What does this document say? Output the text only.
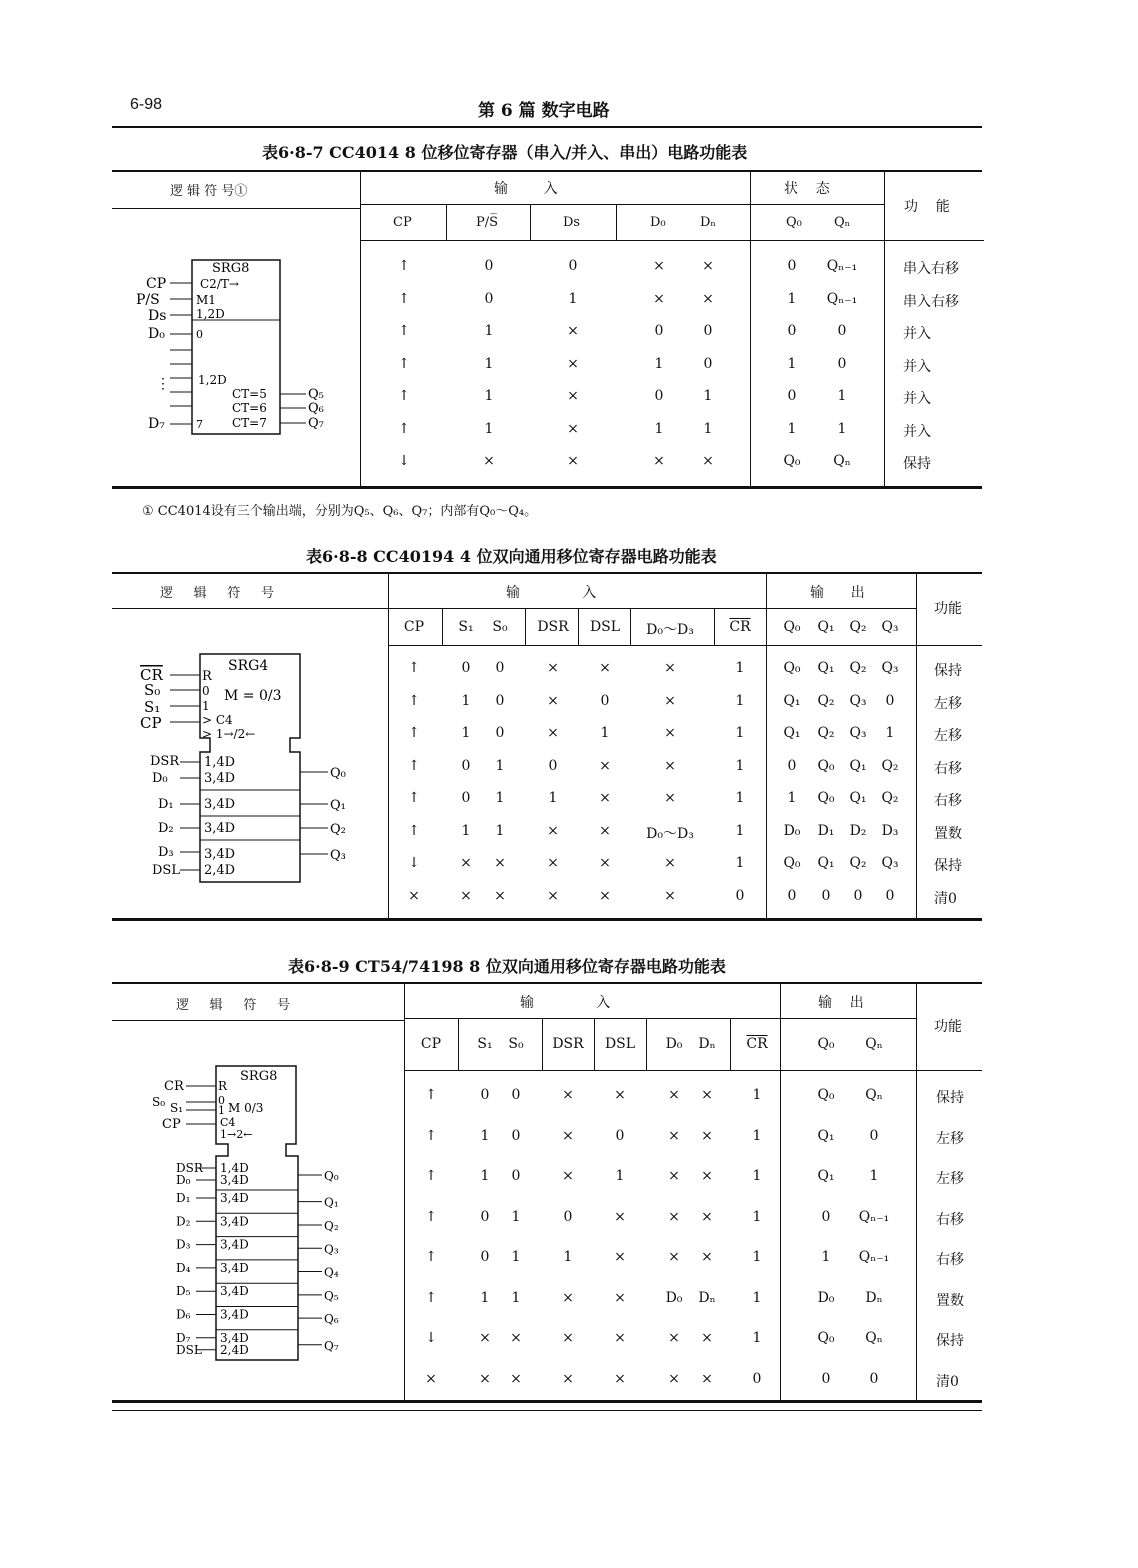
6-98	第 6 篇 数字电路
表6·8-7 CC4014 8 位移位寄存器（串入/并入、串出）电路功能表
逻 辑 符 号①	输        入	状    态
功    能
CP	P/S̅	Ds	D₀	Dₙ	Q₀ Qₙ
↑	0	0	×	×	0 Qₙ₋₁	串入右移
↑	0	1	×	×	1 Qₙ₋₁	串入右移
↑	1	×	0	0	0	0	并入
↑	1	×	1	0	1	0	并入
↑	1	×	0	1	0	1	并入
↑	1	×	1	1	1	1	并入
↓	×	×	×	×	Q₀ Qₙ	保持
SRG8
CP	C2/T→
P/S	M1
Ds 1,2D
D₀	0
⋮ 1,2D
D₇	7
CT=5
CT=6
CT=7
Q₅
Q₆
Q₇
① CC4014设有三个输出端，分别为Q₅、Q₆、Q₇；内部有Q₀～Q₄。
表6·8-8 CC40194 4 位双向通用移位寄存器电路功能表
逻     辑     符     号	输              入	输      出
功能
CP S₁ S₀ DSR DSL D₀～D₃	CR̅ Q₀ Q₁ Q₂ Q₃
↑	0 0	×	×	×	1	Q₀ Q₁ Q₂ Q₃	保持
↑	1 0	×	0	×	1	Q₁ Q₂ Q₃ 0	左移
↑	1 0	×	1	×	1	Q₁ Q₂ Q₃ 1	左移
↑	0 1	0	×	×	1	0 Q₀ Q₁ Q₂	右移
↑	0 1	1	×	×	1	1 Q₀ Q₁ Q₂	右移
↑	1 1	×	×	D₀～D₃	1	D₀ D₁ D₂ D₃	置数
↓	× ×	×	×	×	1	Q₀ Q₁ Q₂ Q₃	保持
×	× ×	×	×	×	0	0 0 0 0	清0
SRG4
CR	R
S₀	0
S₁	1
M = 0/3
CP	> C4
> 1→/2←
DSR 1,4D
D₀	3,4D
D₁ 3,4D
D₂ 3,4D
D₃ 3,4D
DSL 2,4D
Q₀
Q₁
Q₂
Q₃
表6·8-9 CT54/74198 8 位双向通用移位寄存器电路功能表
逻     辑     符     号	输              入	输    出
功能
CP	S₁ S₀ DSR DSL D₀ Dₙ CR̅	Q₀ Qₙ
↑	0 0	×	×	× ×	1	Q₀ Qₙ	保持
↑	1 0	×	0	× ×	1	Q₁ 0	左移
↑	1 0	×	1	× ×	1	Q₁ 1	左移
↑	0 1	0	×	× ×	1	0 Qₙ₋₁	右移
↑	0 1	1	×	× ×	1	1 Qₙ₋₁	右移
↑	1 1	×	×	D₀ Dₙ	1	D₀ Dₙ	置数
↓	× ×	×	×	× ×	1	Q₀ Qₙ	保持
×	× ×	×	×	× ×	0	0	0	清0
SRG8
CR	R
S₀ S₁
0
1 M 0/3
CP	C4
1→2←
1,4D
DSR
3,4D
D₀	Q₀
3,4D
D₁	Q₁
3,4D
D₂	Q₂
3,4D
D₃	Q₃
3,4D
D₄	Q₄
3,4D
D₅	Q₅
3,4D
D₆	Q₆
3,4D
D₇
2,4D
DSL	Q₇
